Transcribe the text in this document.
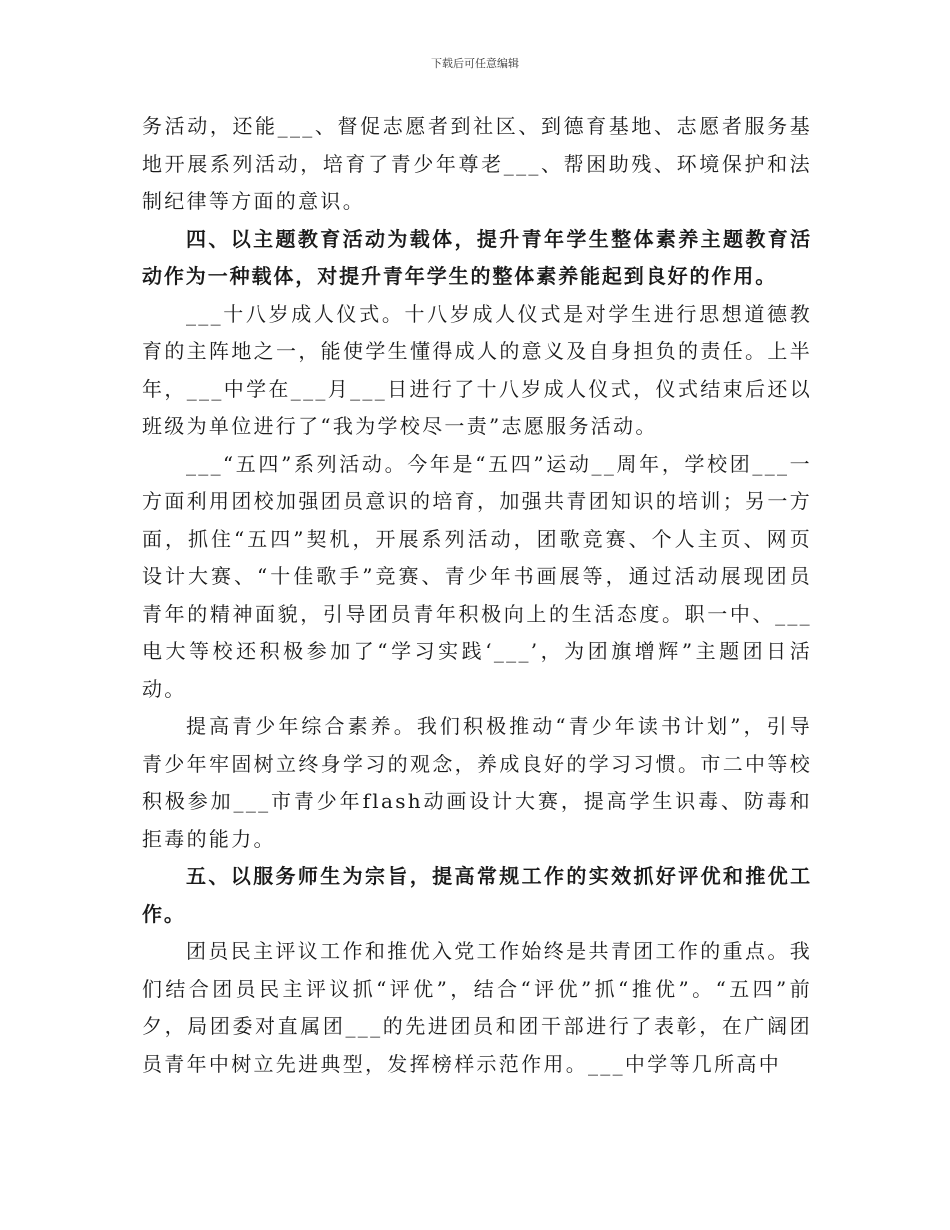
下载后可任意编辑

务活动，还能___、督促志愿者到社区、到德育基地、志愿者服务基地开展系列活动，培育了青少年尊老___、帮困助残、环境保护和法制纪律等方面的意识。

四、以主题教育活动为载体，提升青年学生整体素养主题教育活动作为一种载体，对提升青年学生的整体素养能起到良好的作用。

___十八岁成人仪式。十八岁成人仪式是对学生进行思想道德教育的主阵地之一，能使学生懂得成人的意义及自身担负的责任。上半年，___中学在___月___日进行了十八岁成人仪式，仪式结束后还以班级为单位进行了“我为学校尽一责”志愿服务活动。

___“五四”系列活动。今年是“五四”运动__周年，学校团___一方面利用团校加强团员意识的培育，加强共青团知识的培训；另一方面，抓住“五四”契机，开展系列活动，团歌竞赛、个人主页、网页设计大赛、“十佳歌手”竞赛、青少年书画展等，通过活动展现团员青年的精神面貌，引导团员青年积极向上的生活态度。职一中、___电大等校还积极参加了“学习实践‘___’，为团旗增辉”主题团日活动。

提高青少年综合素养。我们积极推动“青少年读书计划”，引导青少年牢固树立终身学习的观念，养成良好的学习习惯。市二中等校积极参加___市青少年flash动画设计大赛，提高学生识毒、防毒和拒毒的能力。

五、以服务师生为宗旨，提高常规工作的实效抓好评优和推优工作。

团员民主评议工作和推优入党工作始终是共青团工作的重点。我们结合团员民主评议抓“评优”，结合“评优”抓“推优”。“五四”前夕，局团委对直属团___的先进团员和团干部进行了表彰，在广阔团员青年中树立先进典型，发挥榜样示范作用。___中学等几所高中
